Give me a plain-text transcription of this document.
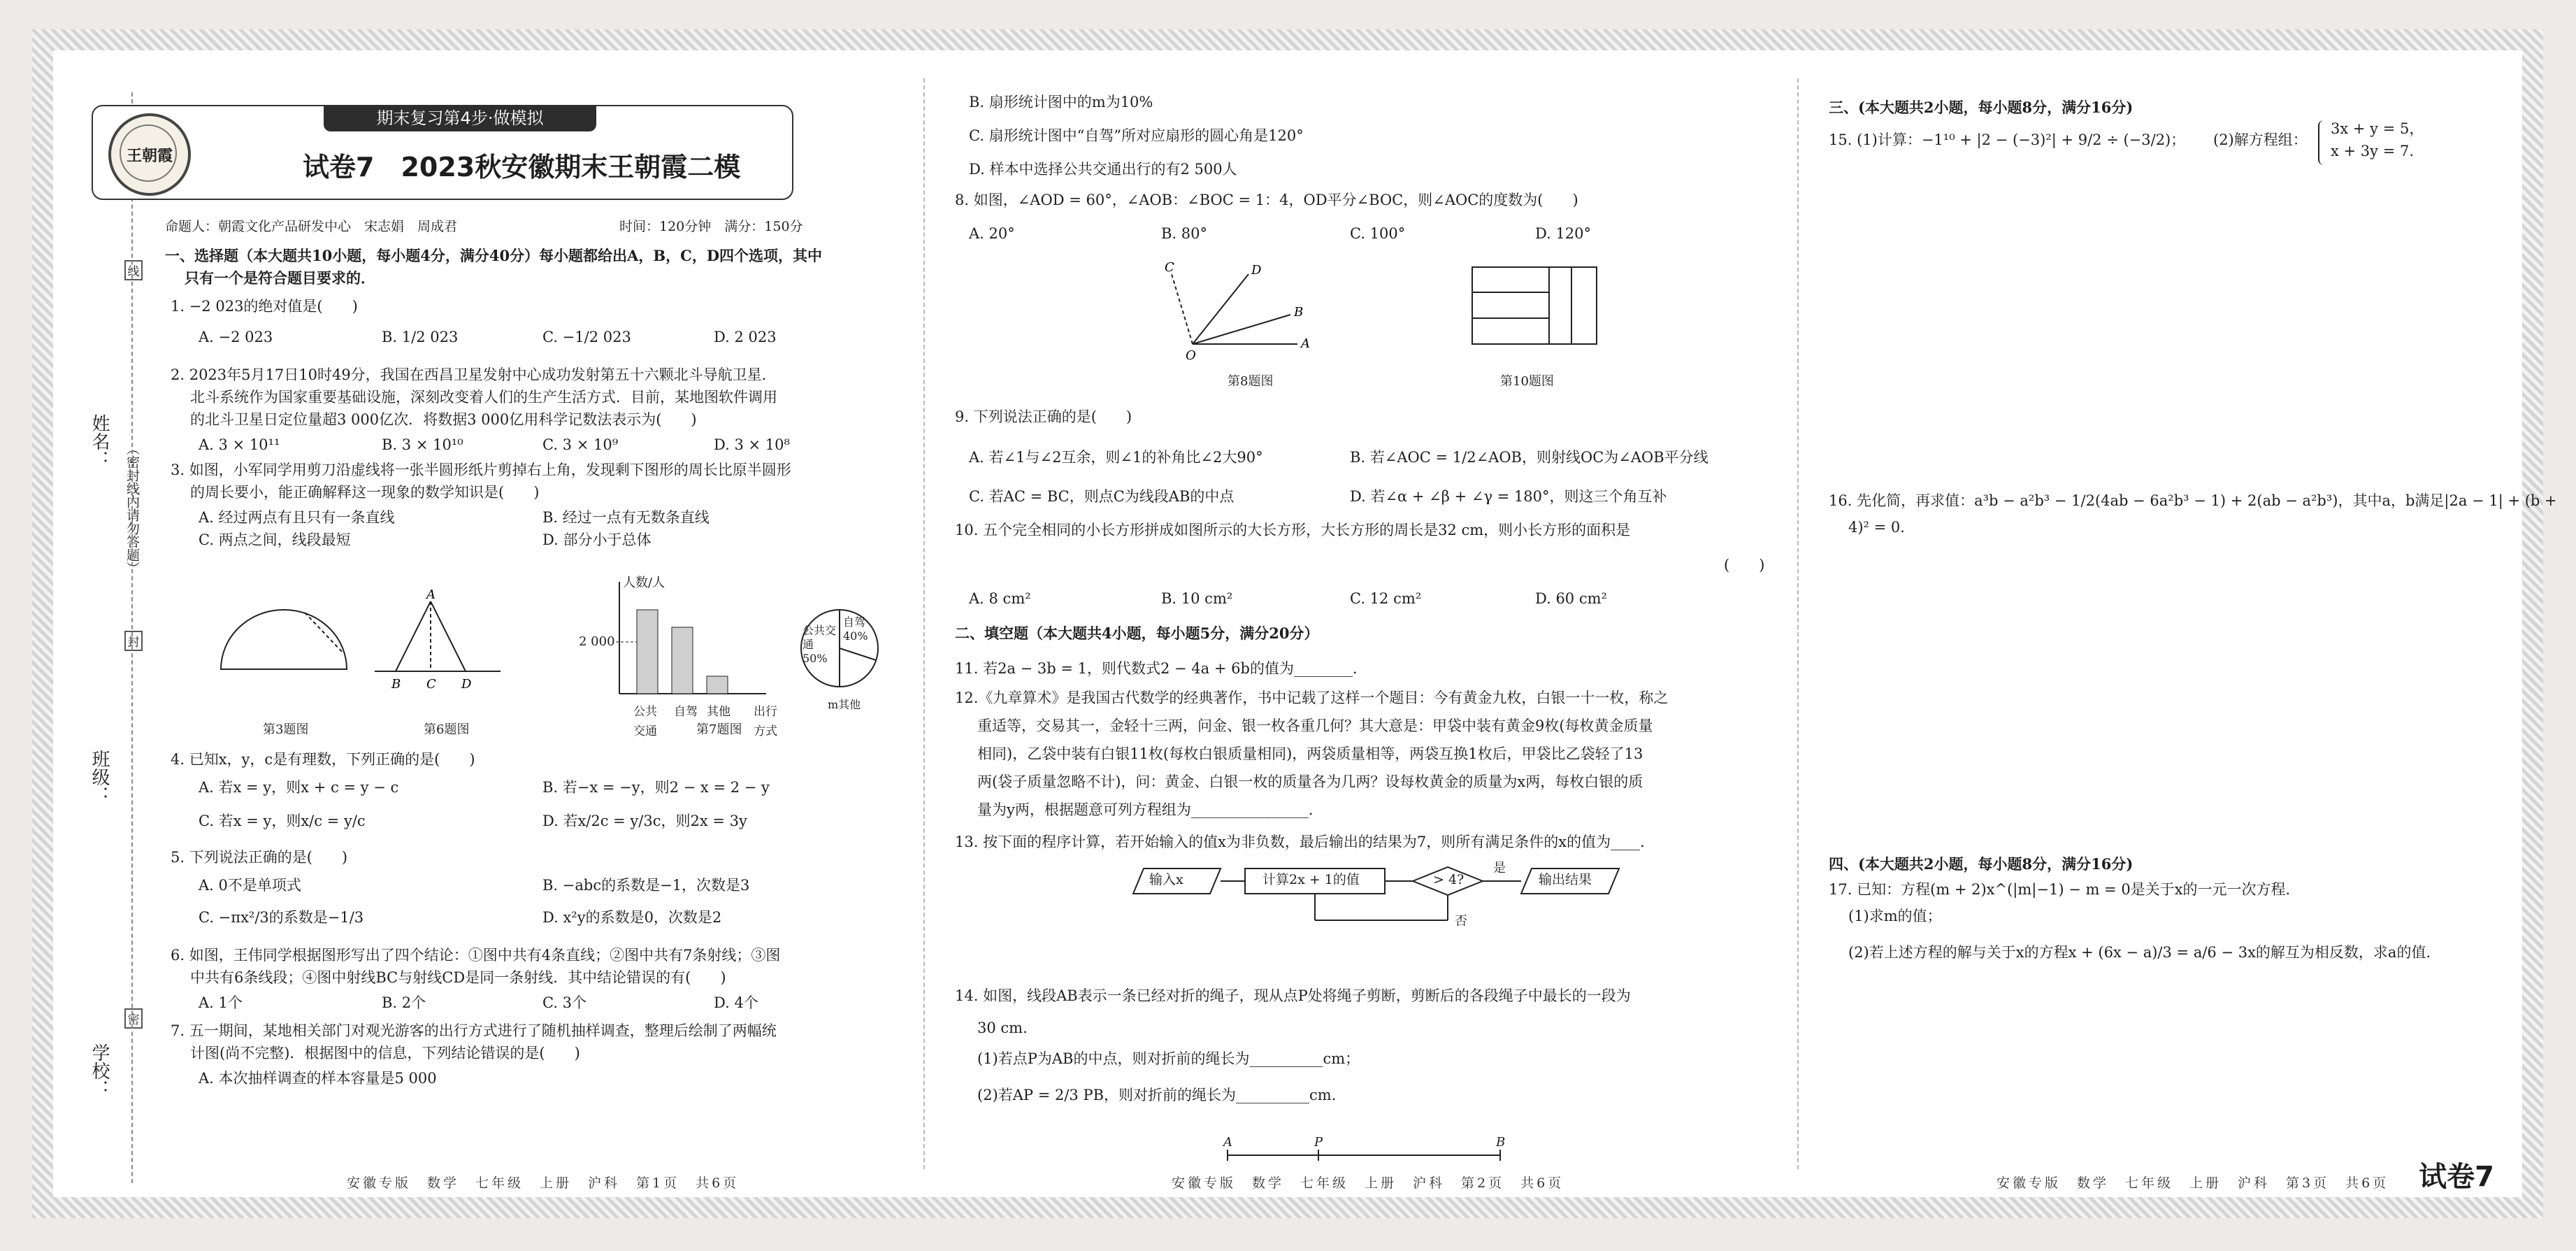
姓名：
班级：
学校：
（密封线内请勿答题）
线
封
密
期末复习第4步·做模拟
王朝霞	试卷7　2023秋安徽期末王朝霞二模
命题人：朝霞文化产品研发中心　宋志娟　周成君	时间：120分钟　满分：150分
一、选择题（本大题共10小题，每小题4分，满分40分）每小题都给出A，B，C，D四个选项，其中
只有一个是符合题目要求的．
1. −2 023的绝对值是(　　)
A. −2 023	B. 1/2 023	C. −1/2 023	D. 2 023
2. 2023年5月17日10时49分，我国在西昌卫星发射中心成功发射第五十六颗北斗导航卫星．
北斗系统作为国家重要基础设施，深刻改变着人们的生产生活方式．目前，某地图软件调用
的北斗卫星日定位量超3 000亿次．将数据3 000亿用科学记数法表示为(　　)
A. 3 × 10¹¹	B. 3 × 10¹⁰	C. 3 × 10⁹	D. 3 × 10⁸
3. 如图，小军同学用剪刀沿虚线将一张半圆形纸片剪掉右上角，发现剩下图形的周长比原半圆形
的周长要小，能正确解释这一现象的数学知识是(　　)
A. 经过两点有且只有一条直线	B. 经过一点有无数条直线
C. 两点之间，线段最短	D. 部分小于总体
A
B C D
人数/人
2 000
公共交通
自驾 其他 出行方式
公共交通50%
自驾40%
m其他
第3题图	第6题图	第7题图
4. 已知x，y，c是有理数，下列正确的是(　　)
A. 若x = y，则x + c = y − c	B. 若−x = −y，则2 − x = 2 − y
C. 若x = y，则x/c = y/c	D. 若x/2c = y/3c，则2x = 3y
5. 下列说法正确的是(　　)
A. 0不是单项式	B. −abc的系数是−1，次数是3
C. −πx²/3的系数是−1/3	D. x²y的系数是0，次数是2
6. 如图，王伟同学根据图形写出了四个结论：①图中共有4条直线；②图中共有7条射线；③图
中共有6条线段；④图中射线BC与射线CD是同一条射线．其中结论错误的有(　　)
A. 1个	B. 2个	C. 3个	D. 4个
7. 五一期间，某地相关部门对观光游客的出行方式进行了随机抽样调查，整理后绘制了两幅统
计图(尚不完整)．根据图中的信息，下列结论错误的是(　　)
A. 本次抽样调查的样本容量是5 000
安徽专版　数学　七年级　上册　沪科　第1页　共6页
B. 扇形统计图中的m为10%
C. 扇形统计图中“自驾”所对应扇形的圆心角是120°
D. 样本中选择公共交通出行的有2 500人
8. 如图，∠AOD = 60°，∠AOB：∠BOC = 1：4，OD平分∠BOC，则∠AOC的度数为(　　)
A. 20°	B. 80°	C. 100°	D. 120°
O
A
B
D
C
第8题图	第10题图
9. 下列说法正确的是(　　)
A. 若∠1与∠2互余，则∠1的补角比∠2大90°	B. 若∠AOC = 1/2∠AOB，则射线OC为∠AOB平分线
C. 若AC = BC，则点C为线段AB的中点	D. 若∠α + ∠β + ∠γ = 180°，则这三个角互补
10. 五个完全相同的小长方形拼成如图所示的大长方形，大长方形的周长是32 cm，则小长方形的面积是
(　　)
A. 8 cm²	B. 10 cm²	C. 12 cm²	D. 60 cm²
二、填空题（本大题共4小题，每小题5分，满分20分）
11. 若2a − 3b = 1，则代数式2 − 4a + 6b的值为________．
12.《九章算术》是我国古代数学的经典著作，书中记载了这样一个题目：今有黄金九枚，白银一十一枚，称之
重适等，交易其一，金轻十三两，问金、银一枚各重几何？其大意是：甲袋中装有黄金9枚(每枚黄金质量
相同)，乙袋中装有白银11枚(每枚白银质量相同)，两袋质量相等，两袋互换1枚后，甲袋比乙袋轻了13
两(袋子质量忽略不计)，问：黄金、白银一枚的质量各为几两？设每枚黄金的质量为x两，每枚白银的质
量为y两，根据题意可列方程组为________________．
13. 按下面的程序计算，若开始输入的值x为非负数，最后输出的结果为7，则所有满足条件的x的值为____．
输入x	计算2x + 1的值	> 4?
是
输出结果
否
14. 如图，线段AB表示一条已经对折的绳子，现从点P处将绳子剪断，剪断后的各段绳子中最长的一段为
30 cm.
(1)若点P为AB的中点，则对折前的绳长为__________cm；
(2)若AP = 2/3 PB，则对折前的绳长为__________cm.
A	P	B
安徽专版　数学　七年级　上册　沪科　第2页　共6页
三、(本大题共2小题，每小题8分，满分16分)
15. (1)计算：−1¹⁰ + |2 − (−3)²| + 9/2 ÷ (−3/2)； (2)解方程组：
3x + y = 5，
x + 3y = 7.
16. 先化简，再求值：a³b − a²b³ − 1/2(4ab − 6a²b³ − 1) + 2(ab − a²b³)，其中a，b满足|2a − 1| + (b +
4)² = 0.
四、(本大题共2小题，每小题8分，满分16分)
17. 已知：方程(m + 2)x^(|m|−1) − m = 0是关于x的一元一次方程．
(1)求m的值；
(2)若上述方程的解与关于x的方程x + (6x − a)/3 = a/6 − 3x的解互为相反数，求a的值．
安徽专版　数学　七年级　上册　沪科　第3页　共6页 试卷7
